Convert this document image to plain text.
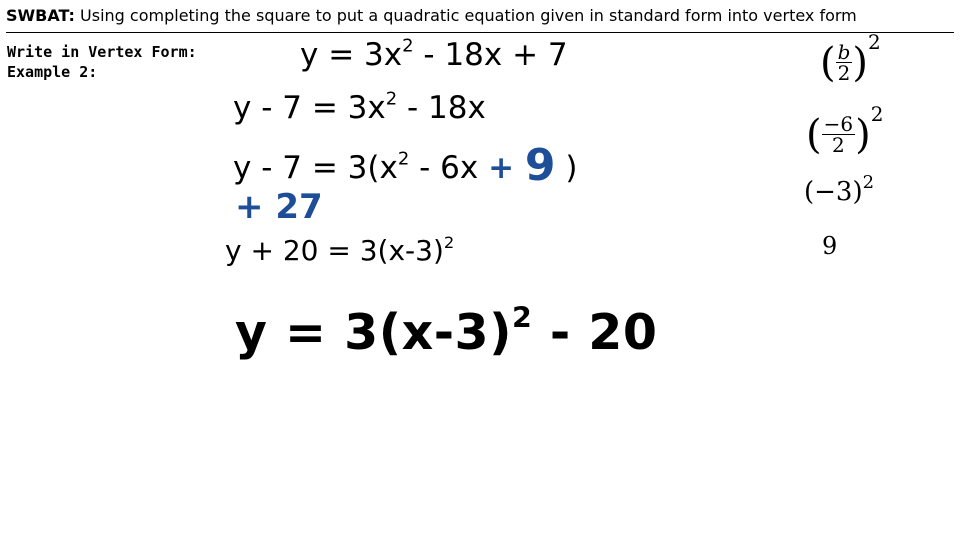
SWBAT: Using completing the square to put a quadratic equation given in standard form into vertex form
Write in Vertex Form:
Example 2:	$y = 3x^2 - 18x + 7$
$y - 7 = 3x^2 - 18x$
$y - 7 = 3(x^2 - 6x + 9$ )
+ 27
$y + 20 = 3(x-3)^2$
$y = 3(x-3)^2 - 20$
( $\frac{b}{2} )^2$
( $\frac{-6}{2} )^2$
$(-3)^2$
9
